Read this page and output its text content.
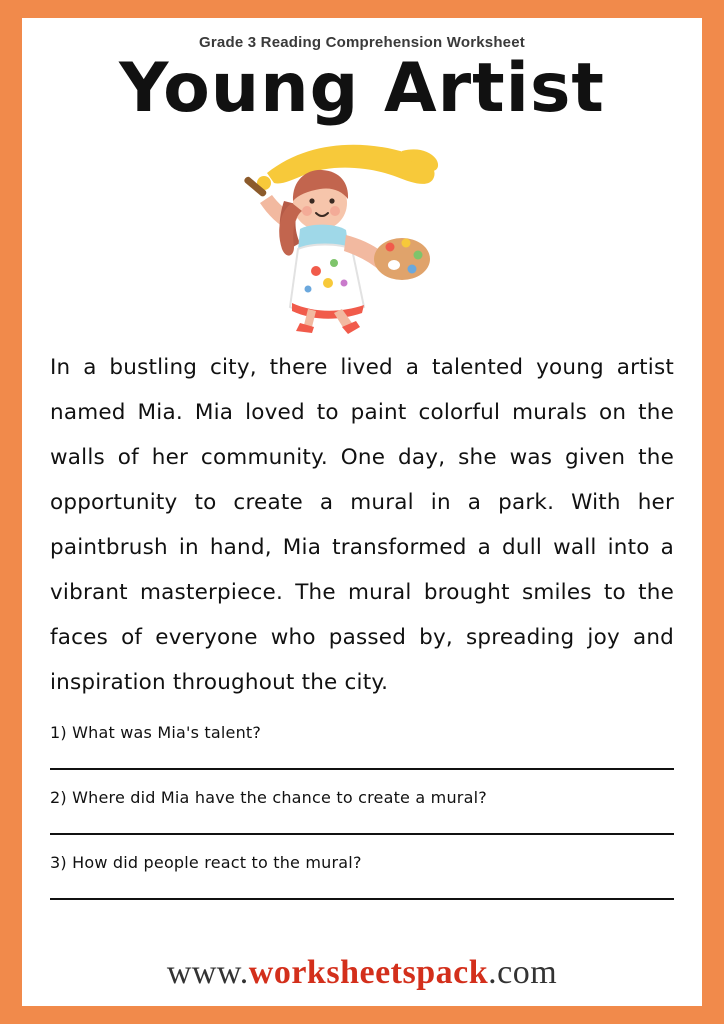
Grade 3 Reading Comprehension Worksheet
Young Artist
In a bustling city, there lived a talented young artist named Mia. Mia loved to paint colorful murals on the walls of her community. One day, she was given the opportunity to create a mural in a park. With her paintbrush in hand, Mia transformed a dull wall into a vibrant masterpiece. The mural brought smiles to the faces of everyone who passed by, spreading joy and inspiration throughout the city.
1) What was Mia's talent?
2) Where did Mia have the chance to create a mural?
3) How did people react to the mural?
www.worksheetspack.com
